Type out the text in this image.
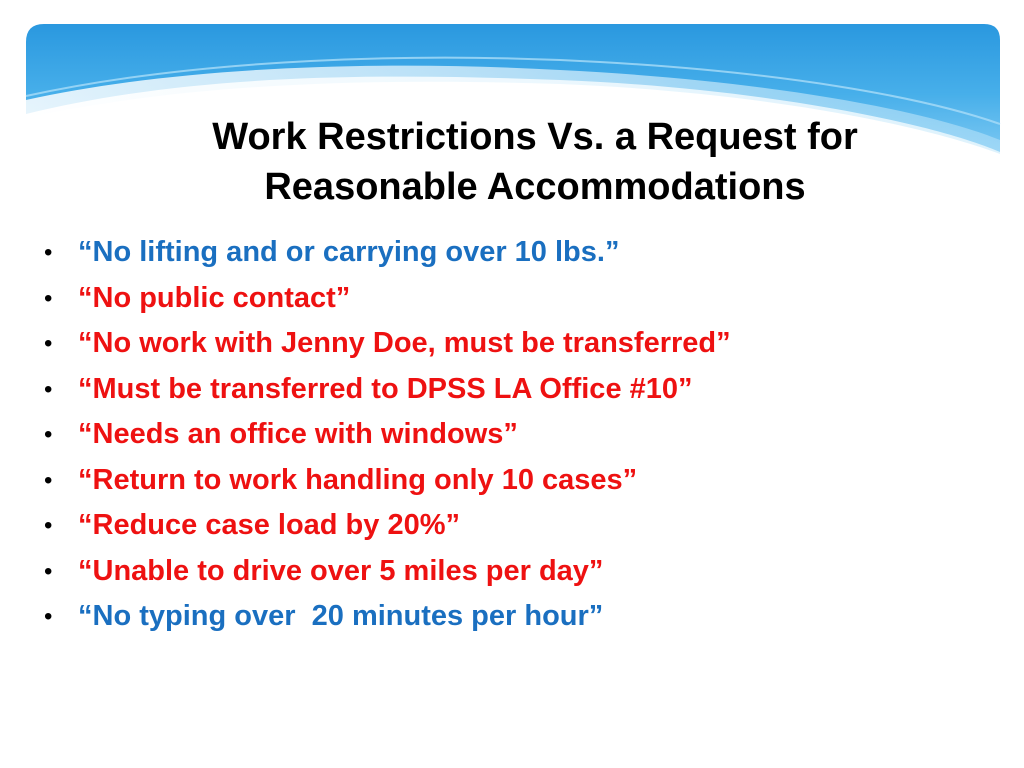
Work Restrictions Vs. a Request for
Reasonable Accommodations

•

“No lifting and or carrying over 10 lbs.”

•

“No public contact”

•

“No work with Jenny Doe, must be transferred”

•

“Must be transferred to DPSS LA Office #10”

•

“Needs an office with windows”

•

“Return to work handling only 10 cases”

•

“Reduce case load by 20%”

•

“Unable to drive over 5 miles per day”

•

“No typing over  20 minutes per hour”
